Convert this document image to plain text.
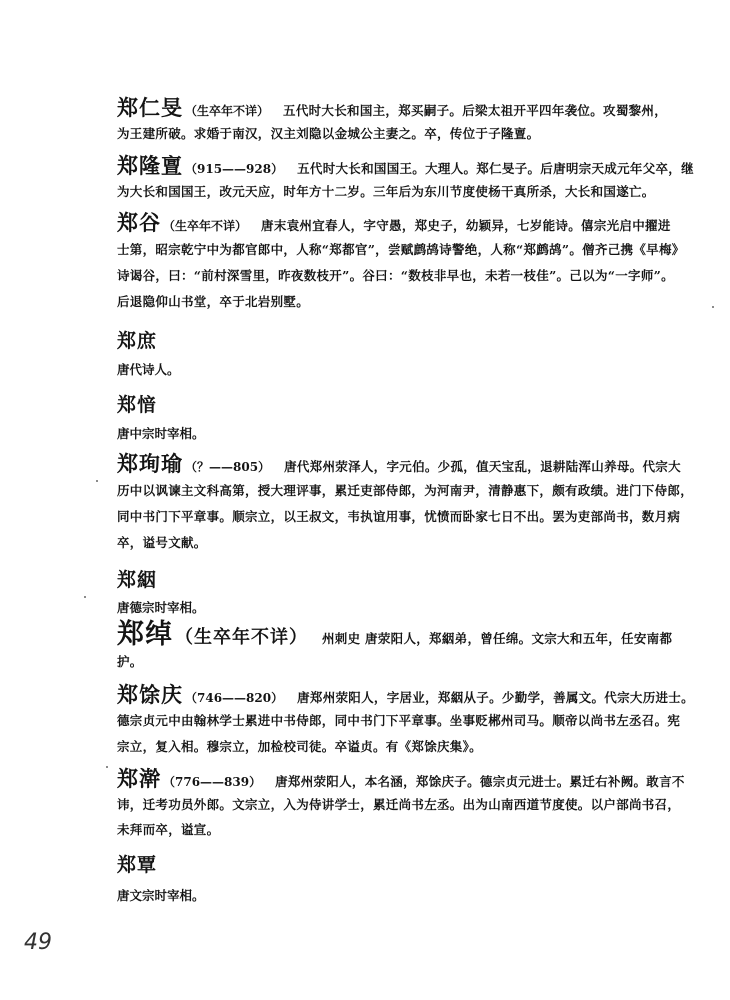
郑仁旻 （生卒年不详） 五代时大长和国主，郑买嗣子。后梁太祖开平四年袭位。攻蜀黎州，
为王建所破。求婚于南汉，汉主刘隐以金城公主妻之。卒，传位于子隆亶。
郑隆亶 （915——928） 五代时大长和国国王。大理人。郑仁旻子。后唐明宗天成元年父卒，继
为大长和国国王，改元天应，时年方十二岁。三年后为东川节度使杨干真所杀，大长和国遂亡。
郑谷 （生卒年不详） 唐末袁州宜春人，字守愚，郑史子，幼颖异，七岁能诗。僖宗光启中擢进
士第，昭宗乾宁中为都官郎中，人称“郑都官”，尝赋鹧鸪诗警绝，人称“郑鹧鸪”。僧齐己携《早梅》
诗谒谷，曰：“前村深雪里，昨夜数枝开”。谷曰：“数枝非早也，未若一枝佳”。己以为“一字师”。
后退隐仰山书堂，卒于北岩别墅。
郑庶
唐代诗人。
郑愔
唐中宗时宰相。
郑珣瑜 （？——805） 唐代郑州荥泽人，字元伯。少孤，值天宝乱，退耕陆浑山养母。代宗大
历中以讽谏主文科高第，授大理评事，累迁吏部侍郎，为河南尹，清静惠下，颇有政绩。进门下侍郎，
同中书门下平章事。顺宗立，以王叔文，韦执谊用事，忧愤而卧家七日不出。罢为吏部尚书，数月病
卒，谥号文献。
郑絪
唐德宗时宰相。
郑绰 （生卒年不详） 州刺史 唐荥阳人，郑絪弟，曾任绵。文宗大和五年，任安南都
护。
郑馀庆 （746——820） 唐郑州荥阳人，字居业，郑絪从子。少勤学，善属文。代宗大历进士。
德宗贞元中由翰林学士累进中书侍郎，同中书门下平章事。坐事贬郴州司马。顺帝以尚书左丞召。宪
宗立，复入相。穆宗立，加检校司徒。卒谥贞。有《郑馀庆集》。
郑澣 （776——839） 唐郑州荥阳人，本名涵，郑馀庆子。德宗贞元进士。累迁右补阙。敢言不
讳，迁考功员外郎。文宗立，入为侍讲学士，累迁尚书左丞。出为山南西道节度使。以户部尚书召，
未拜而卒，谥宣。
郑覃
唐文宗时宰相。
49
